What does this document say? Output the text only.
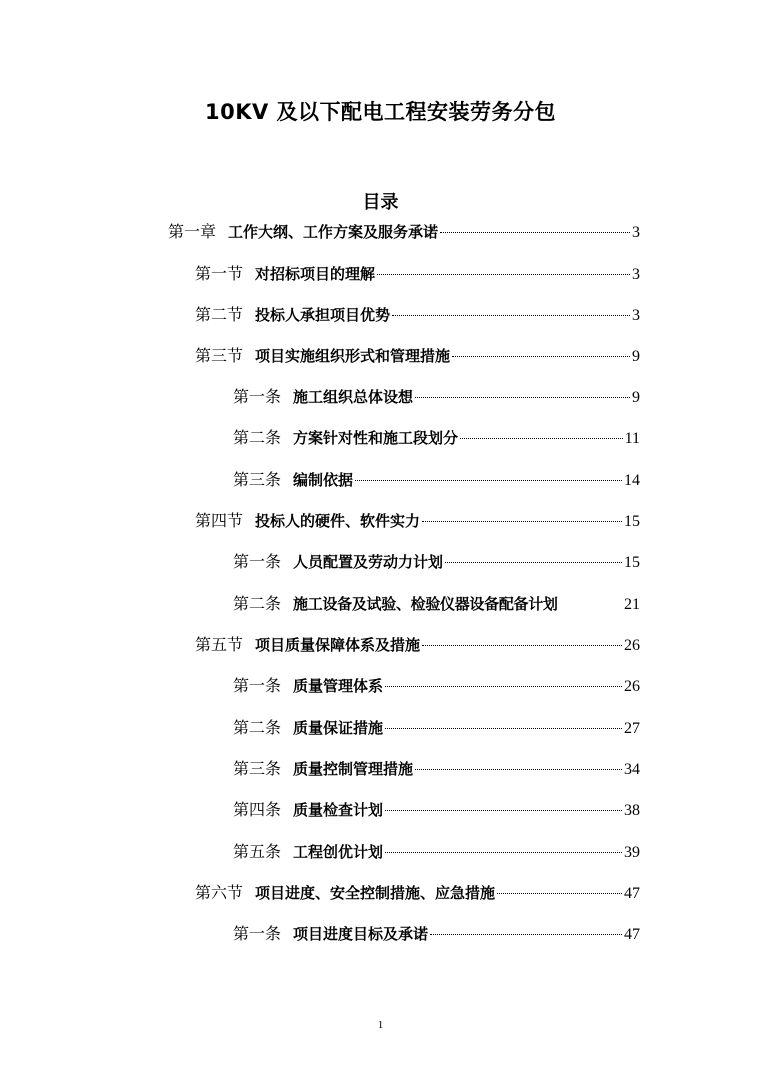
10KV 及以下配电工程安装劳务分包
目录
第一章 工作大纲、工作方案及服务承诺	3
第一节 对招标项目的理解	3
第二节 投标人承担项目优势	3
第三节 项目实施组织形式和管理措施	9
第一条 施工组织总体设想	9
第二条 方案针对性和施工段划分	11
第三条 编制依据	14
第四节 投标人的硬件、软件实力	15
第一条 人员配置及劳动力计划	15
第二条 施工设备及试验、检验仪器设备配备计划	21
第五节 项目质量保障体系及措施	26
第一条 质量管理体系	26
第二条 质量保证措施	27
第三条 质量控制管理措施	34
第四条 质量检查计划	38
第五条 工程创优计划	39
第六节 项目进度、安全控制措施、应急措施	47
第一条 项目进度目标及承诺	47
1
